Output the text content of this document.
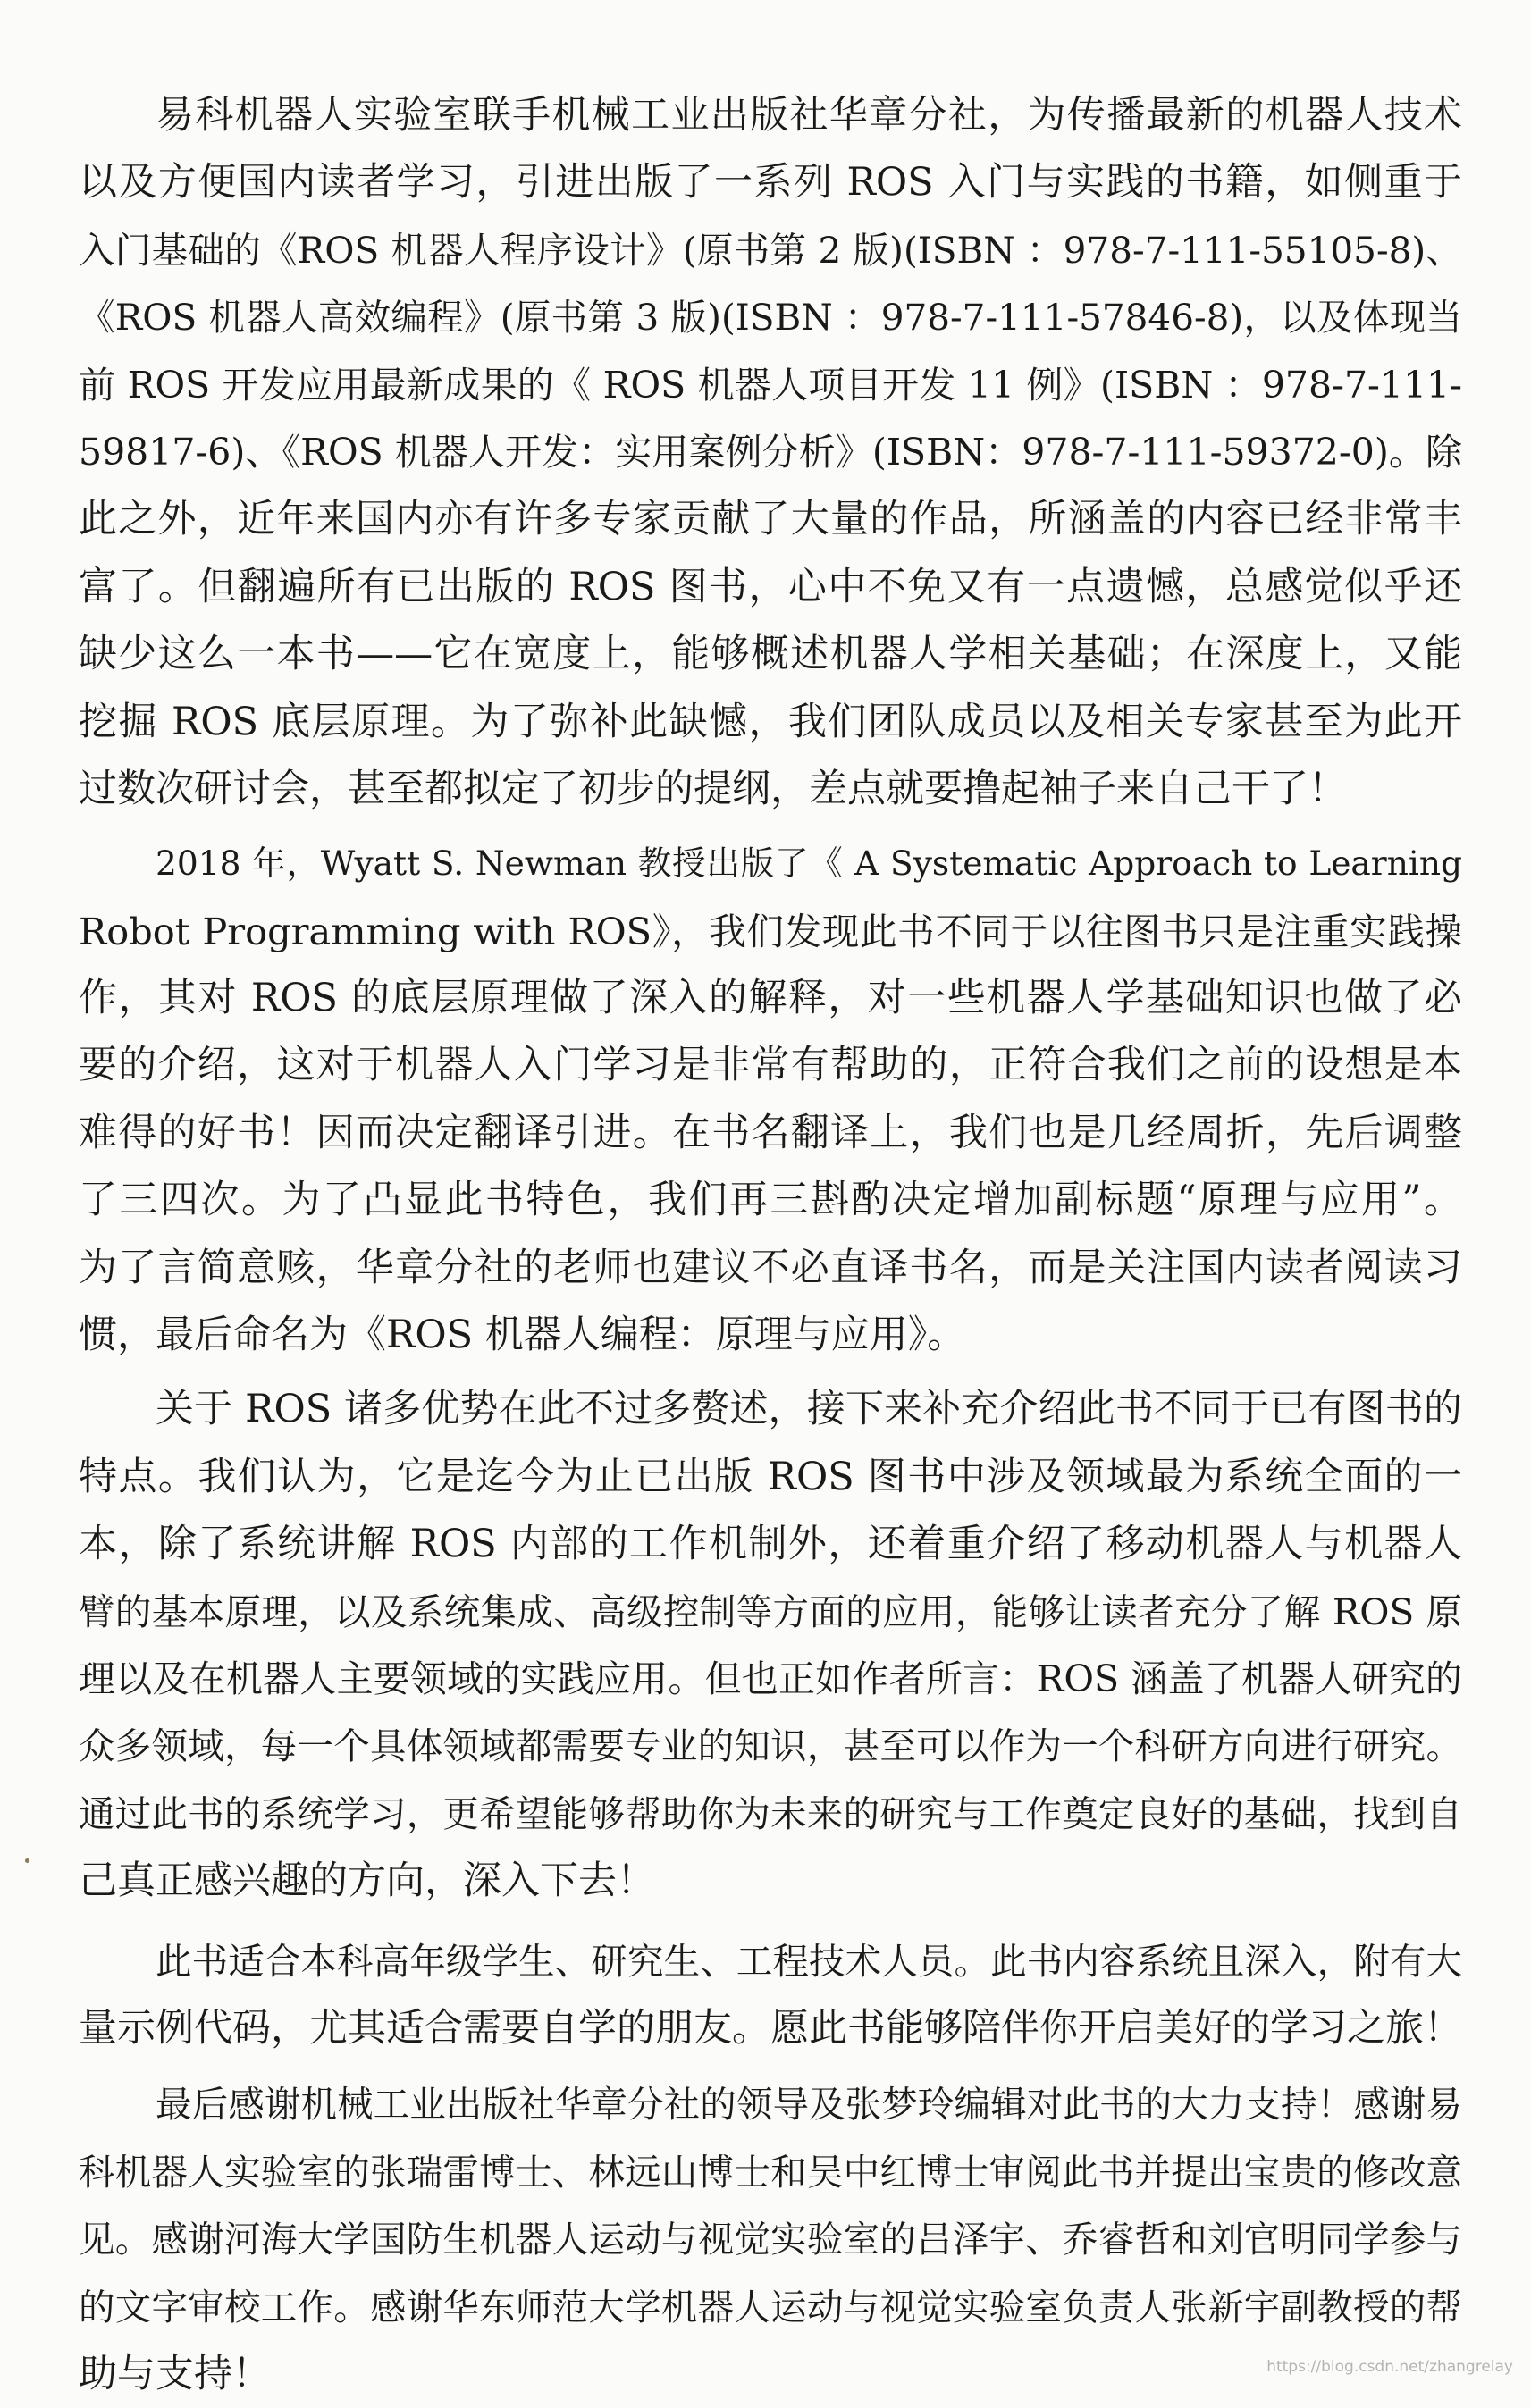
易科机器人实验室联手机械工业出版社华章分社，为传播最新的机器人技术
以及方便国内读者学习，引进出版了一系列 ROS 入门与实践的书籍，如侧重于
入门基础的《ROS 机器人程序设计》(原书第 2 版)(ISBN ：978-7-111-55105-8)、
《ROS 机器人高效编程》(原书第 3 版)(ISBN ：978-7-111-57846-8)，以及体现当
前 ROS 开发应用最新成果的《 ROS 机器人项目开发 11 例》(ISBN ：978-7-111-
59817-6)、《ROS 机器人开发：实用案例分析》(ISBN：978-7-111-59372-0)。除
此之外，近年来国内亦有许多专家贡献了大量的作品，所涵盖的内容已经非常丰
富了。但翻遍所有已出版的 ROS 图书，心中不免又有一点遗憾，总感觉似乎还
缺少这么一本书——它在宽度上，能够概述机器人学相关基础；在深度上，又能
挖掘 ROS 底层原理。为了弥补此缺憾，我们团队成员以及相关专家甚至为此开
过数次研讨会，甚至都拟定了初步的提纲，差点就要撸起袖子来自己干了！
2018 年，Wyatt S. Newman 教授出版了《 A Systematic Approach to Learning
Robot Programming with ROS》，我们发现此书不同于以往图书只是注重实践操
作，其对 ROS 的底层原理做了深入的解释，对一些机器人学基础知识也做了必
要的介绍，这对于机器人入门学习是非常有帮助的，正符合我们之前的设想是本
难得的好书！因而决定翻译引进。在书名翻译上，我们也是几经周折，先后调整
了三四次。为了凸显此书特色，我们再三斟酌决定增加副标题“原理与应用”。
为了言简意赅，华章分社的老师也建议不必直译书名，而是关注国内读者阅读习
惯，最后命名为《ROS 机器人编程：原理与应用》。
关于 ROS 诸多优势在此不过多赘述，接下来补充介绍此书不同于已有图书的
特点。我们认为，它是迄今为止已出版 ROS 图书中涉及领域最为系统全面的一
本，除了系统讲解 ROS 内部的工作机制外，还着重介绍了移动机器人与机器人
臂的基本原理，以及系统集成、高级控制等方面的应用，能够让读者充分了解 ROS 原
理以及在机器人主要领域的实践应用。但也正如作者所言：ROS 涵盖了机器人研究的
众多领域，每一个具体领域都需要专业的知识，甚至可以作为一个科研方向进行研究。
通过此书的系统学习，更希望能够帮助你为未来的研究与工作奠定良好的基础，找到自
己真正感兴趣的方向，深入下去！
此书适合本科高年级学生、研究生、工程技术人员。此书内容系统且深入，附有大
量示例代码，尤其适合需要自学的朋友。愿此书能够陪伴你开启美好的学习之旅！
最后感谢机械工业出版社华章分社的领导及张梦玲编辑对此书的大力支持！感谢易
科机器人实验室的张瑞雷博士、林远山博士和吴中红博士审阅此书并提出宝贵的修改意
见。感谢河海大学国防生机器人运动与视觉实验室的吕泽宇、乔睿哲和刘官明同学参与
的文字审校工作。感谢华东师范大学机器人运动与视觉实验室负责人张新宇副教授的帮
助与支持！	https://blog.csdn.net/zhangrelay
